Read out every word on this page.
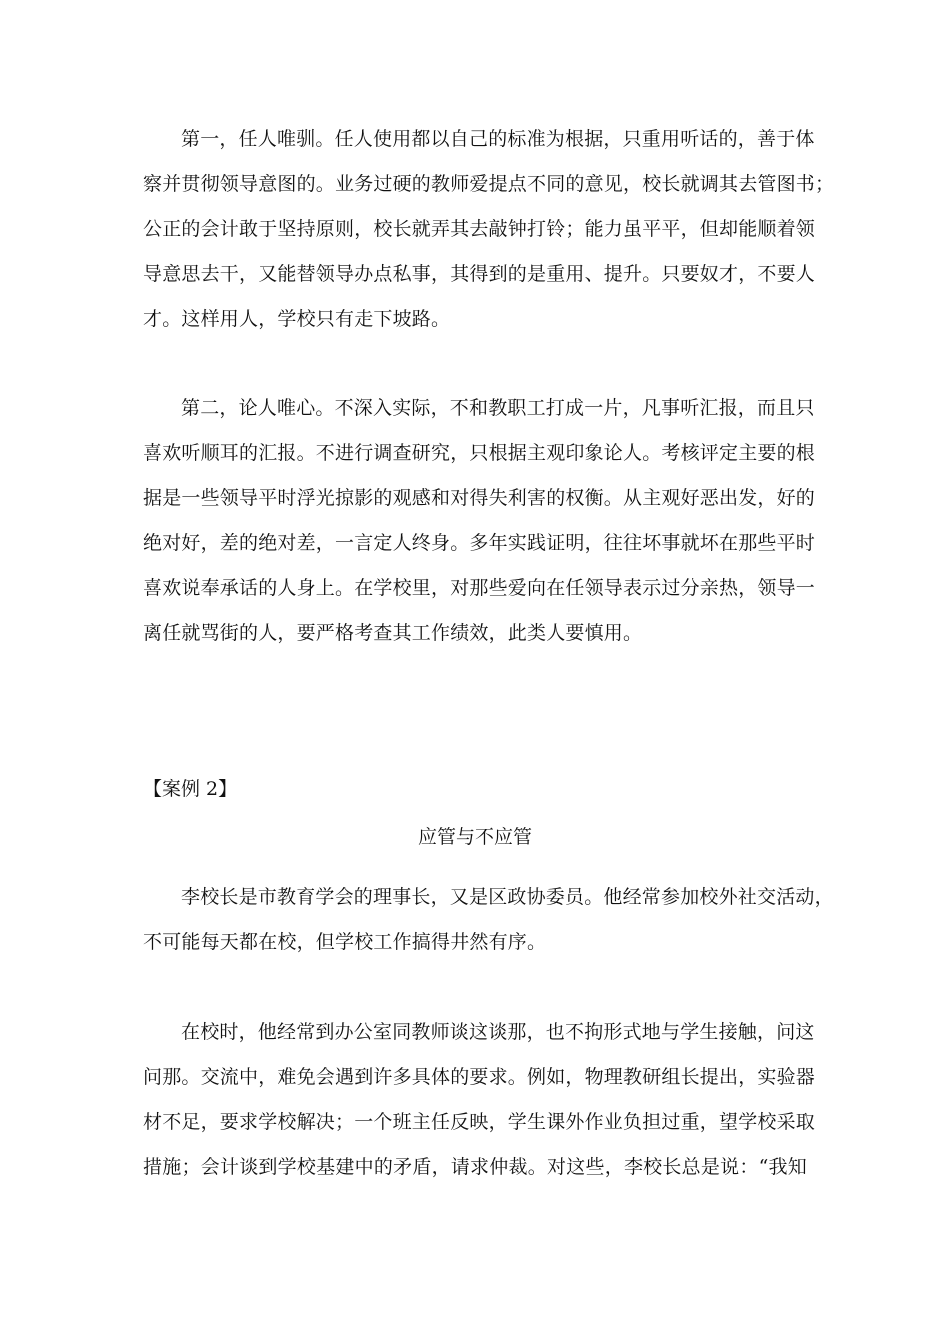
第一，任人唯驯。任人使用都以自己的标准为根据，只重用听话的，善于体
察并贯彻领导意图的。业务过硬的教师爱提点不同的意见，校长就调其去管图书；
公正的会计敢于坚持原则，校长就弄其去敲钟打铃；能力虽平平，但却能顺着领
导意思去干，又能替领导办点私事，其得到的是重用、提升。只要奴才，不要人
才。这样用人，学校只有走下坡路。
第二，论人唯心。不深入实际，不和教职工打成一片，凡事听汇报，而且只
喜欢听顺耳的汇报。不进行调查研究，只根据主观印象论人。考核评定主要的根
据是一些领导平时浮光掠影的观感和对得失利害的权衡。从主观好恶出发，好的
绝对好，差的绝对差，一言定人终身。多年实践证明，往往坏事就坏在那些平时
喜欢说奉承话的人身上。在学校里，对那些爱向在任领导表示过分亲热，领导一
离任就骂街的人，要严格考查其工作绩效，此类人要慎用。
【案例 2】
应管与不应管
李校长是市教育学会的理事长，又是区政协委员。他经常参加校外社交活动，
不可能每天都在校，但学校工作搞得井然有序。
在校时，他经常到办公室同教师谈这谈那，也不拘形式地与学生接触，问这
问那。交流中，难免会遇到许多具体的要求。例如，物理教研组长提出，实验器
材不足，要求学校解决；一个班主任反映，学生课外作业负担过重，望学校采取
措施；会计谈到学校基建中的矛盾，请求仲裁。对这些，李校长总是说：“我知
